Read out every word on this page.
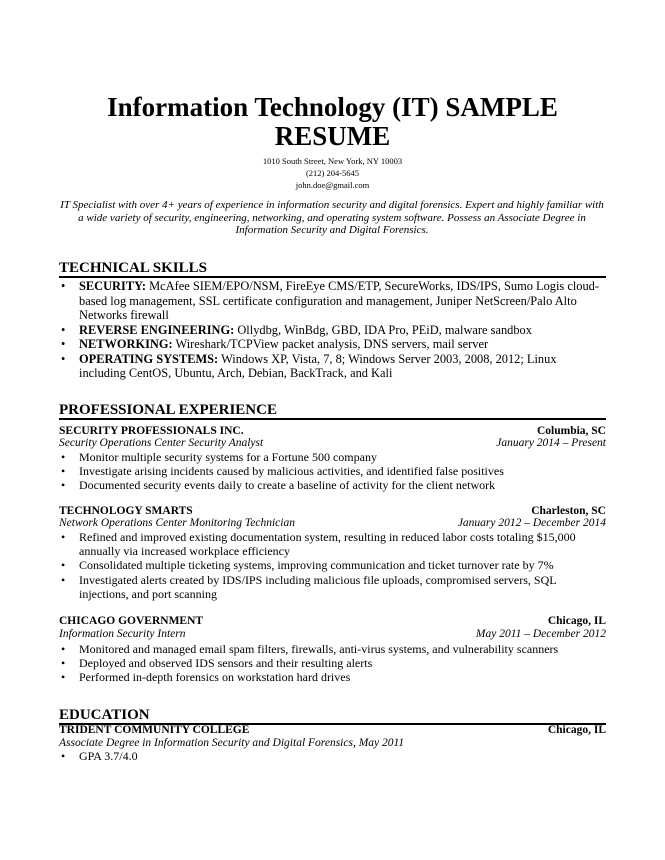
Information Technology (IT) SAMPLE
RESUME
1010 South Street, New York, NY 10003
(212) 204-5645
john.doe@gmail.com
IT Specialist with over 4+ years of experience in information security and digital forensics. Expert and highly familiar with a wide variety of security, engineering, networking, and operating system software. Possess an Associate Degree in Information Security and Digital Forensics.
TECHNICAL SKILLS
• SECURITY: McAfee SIEM/EPO/NSM, FireEye CMS/ETP, SecureWorks, IDS/IPS, Sumo Logis cloud-based log management, SSL certificate configuration and management, Juniper NetScreen/Palo Alto Networks firewall
• REVERSE ENGINEERING: Ollydbg, WinBdg, GBD, IDA Pro, PEiD, malware sandbox
• NETWORKING: Wireshark/TCPView packet analysis, DNS servers, mail server
• OPERATING SYSTEMS: Windows XP, Vista, 7, 8; Windows Server 2003, 2008, 2012; Linux including CentOS, Ubuntu, Arch, Debian, BackTrack, and Kali
PROFESSIONAL EXPERIENCE
SECURITY PROFESSIONALS INC.	Columbia, SC
Security Operations Center Security Analyst	January 2014 – Present
• Monitor multiple security systems for a Fortune 500 company
• Investigate arising incidents caused by malicious activities, and identified false positives
• Documented security events daily to create a baseline of activity for the client network
TECHNOLOGY SMARTS	Charleston, SC
Network Operations Center Monitoring Technician	January 2012 – December 2014
• Refined and improved existing documentation system, resulting in reduced labor costs totaling $15,000 annually via increased workplace efficiency
• Consolidated multiple ticketing systems, improving communication and ticket turnover rate by 7%
• Investigated alerts created by IDS/IPS including malicious file uploads, compromised servers, SQL injections, and port scanning
CHICAGO GOVERNMENT	Chicago, IL
Information Security Intern	May 2011 – December 2012
• Monitored and managed email spam filters, firewalls, anti-virus systems, and vulnerability scanners
• Deployed and observed IDS sensors and their resulting alerts
• Performed in-depth forensics on workstation hard drives
EDUCATION
TRIDENT COMMUNITY COLLEGE	Chicago, IL
Associate Degree in Information Security and Digital Forensics, May 2011
• GPA 3.7/4.0
